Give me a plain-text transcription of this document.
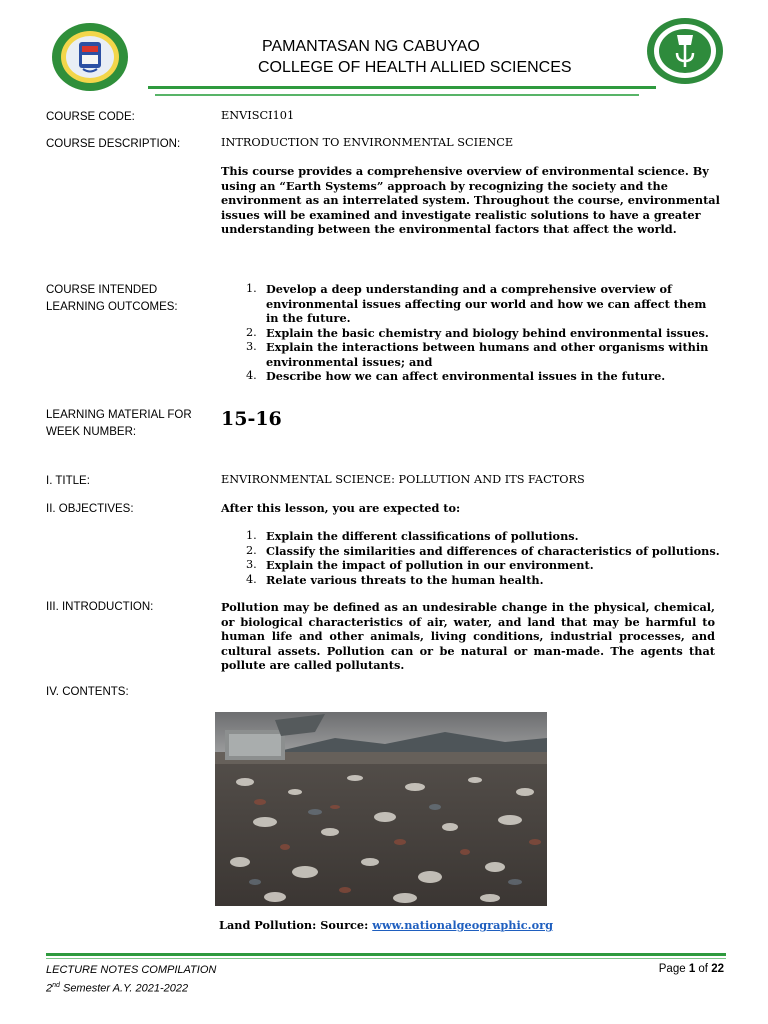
PAMANTASAN NG CABUYAO
COLLEGE OF HEALTH ALLIED SCIENCES
COURSE CODE:	ENVISCI101
COURSE DESCRIPTION:	INTRODUCTION TO ENVIRONMENTAL SCIENCE
This course provides a comprehensive overview of environmental science. By using an “Earth Systems” approach by recognizing the society and the environment as an interrelated system. Throughout the course, environmental issues will be examined and investigate realistic solutions to have a greater understanding between the environmental factors that affect the world.
COURSE INTENDED
LEARNING OUTCOMES:
1. Develop a deep understanding and a comprehensive overview of environmental issues affecting our world and how we can affect them in the future.
2. Explain the basic chemistry and biology behind environmental issues.
3. Explain the interactions between humans and other organisms within environmental issues; and
4. Describe how we can affect environmental issues in the future.
LEARNING MATERIAL FOR
WEEK NUMBER:
15-16
I. TITLE:	ENVIRONMENTAL SCIENCE: POLLUTION AND ITS FACTORS
II. OBJECTIVES:	After this lesson, you are expected to:
1. Explain the different classifications of pollutions.
2. Classify the similarities and differences of characteristics of pollutions.
3. Explain the impact of pollution in our environment.
4. Relate various threats to the human health.
III. INTRODUCTION:	Pollution may be defined as an undesirable change in the physical, chemical, or biological characteristics of air, water, and land that may be harmful to human life and other animals, living conditions, industrial processes, and cultural assets. Pollution can or be natural or man-made. The agents that pollute are called pollutants.
IV. CONTENTS:
Land Pollution: Source: www.nationalgeographic.org
LECTURE NOTES COMPILATION
2nd Semester A.Y. 2021-2022
Page 1 of 22
